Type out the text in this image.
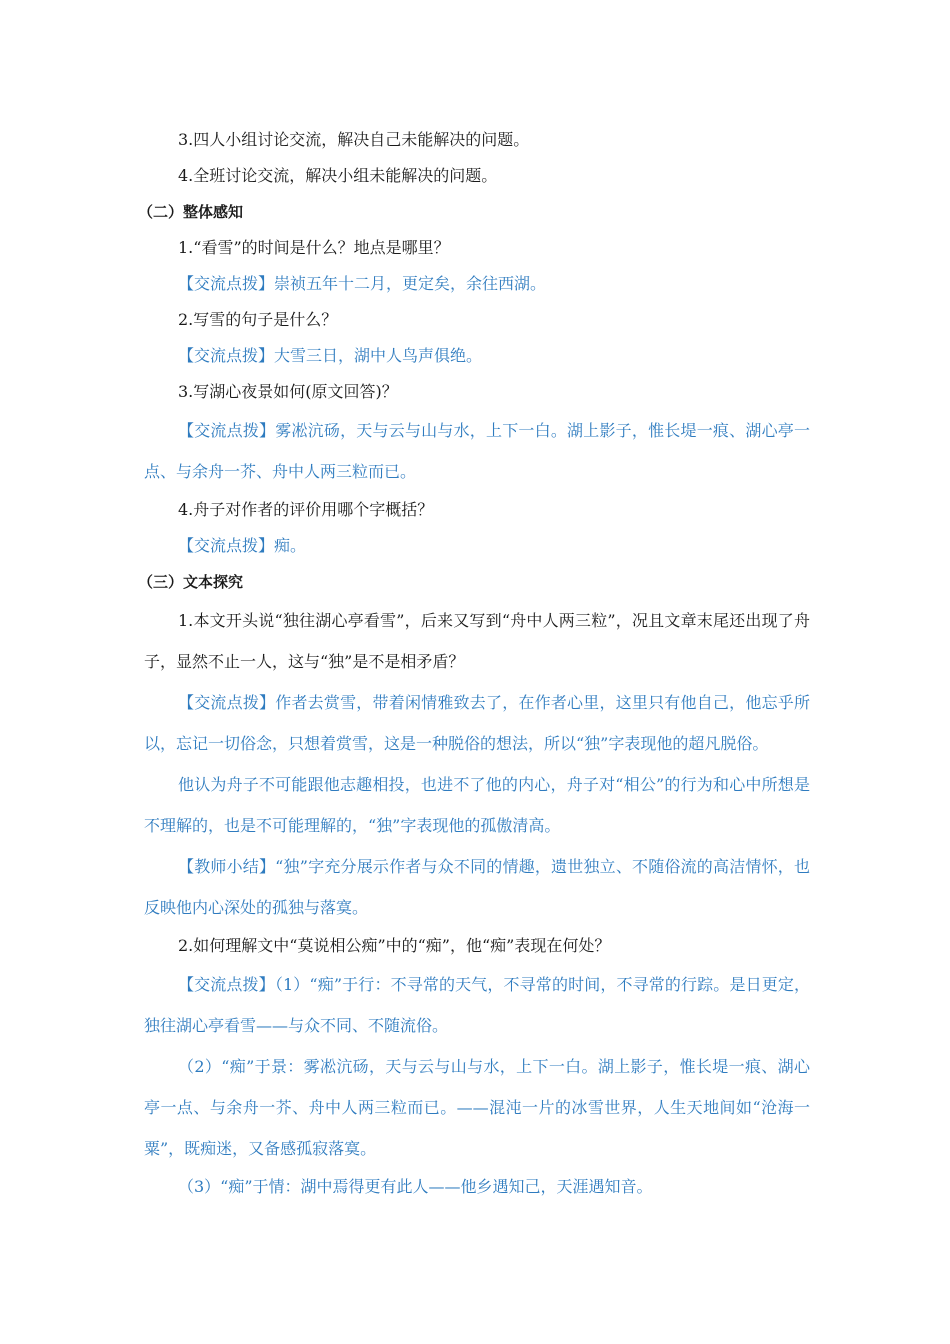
3.四人小组讨论交流，解决自己未能解决的问题。

4.全班讨论交流，解决小组未能解决的问题。

（二）整体感知

1.“看雪”的时间是什么？地点是哪里？

【交流点拨】崇祯五年十二月，更定矣，余往西湖。

2.写雪的句子是什么？

【交流点拨】大雪三日，湖中人鸟声俱绝。

3.写湖心夜景如何(原文回答)？

【交流点拨】雾凇沆砀，天与云与山与水，上下一白。湖上影子，惟长堤一痕、湖心亭一点、与余舟一芥、舟中人两三粒而已。

4.舟子对作者的评价用哪个字概括？

【交流点拨】痴。

（三）文本探究

1.本文开头说“独往湖心亭看雪”，后来又写到“舟中人两三粒”，况且文章末尾还出现了舟子，显然不止一人，这与“独”是不是相矛盾？

【交流点拨】作者去赏雪，带着闲情雅致去了，在作者心里，这里只有他自己，他忘乎所以，忘记一切俗念，只想着赏雪，这是一种脱俗的想法，所以“独”字表现他的超凡脱俗。

他认为舟子不可能跟他志趣相投，也进不了他的内心，舟子对“相公”的行为和心中所想是不理解的，也是不可能理解的，“独”字表现他的孤傲清高。

【教师小结】“独”字充分展示作者与众不同的情趣，遗世独立、不随俗流的高洁情怀，也反映他内心深处的孤独与落寞。

2.如何理解文中“莫说相公痴”中的“痴”，他“痴”表现在何处？

【交流点拨】（1）“痴”于行：不寻常的天气，不寻常的时间，不寻常的行踪。是日更定，独往湖心亭看雪——与众不同、不随流俗。

（2）“痴”于景：雾凇沆砀，天与云与山与水，上下一白。湖上影子，惟长堤一痕、湖心亭一点、与余舟一芥、舟中人两三粒而已。——混沌一片的冰雪世界，人生天地间如“沧海一粟”，既痴迷，又备感孤寂落寞。

（3）“痴”于情：湖中焉得更有此人——他乡遇知己，天涯遇知音。
